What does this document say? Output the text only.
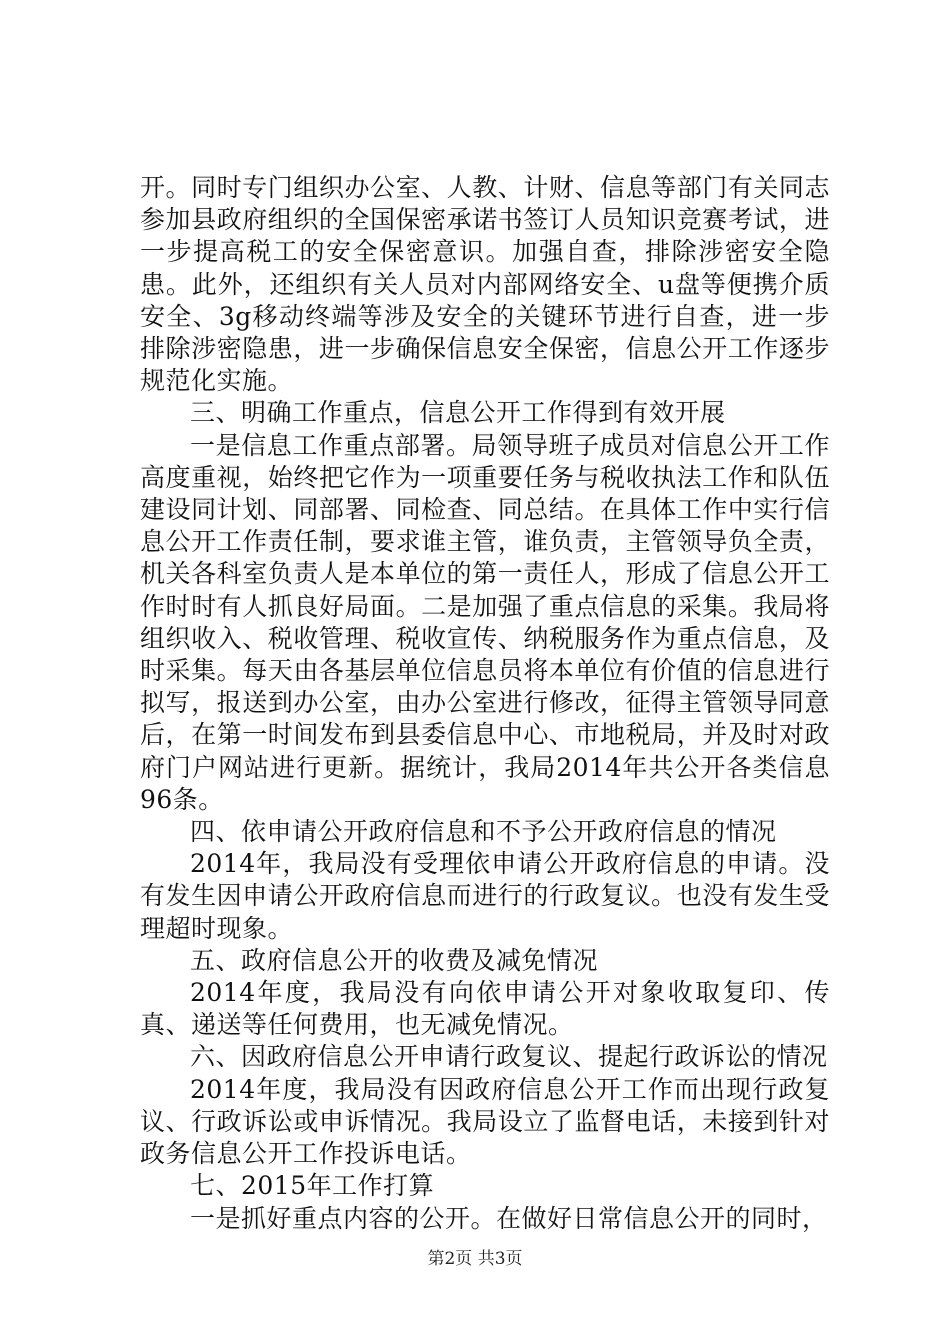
开。同时专门组织办公室、人教、计财、信息等部门有关同志参加县政府组织的全国保密承诺书签订人员知识竞赛考试，进一步提高税工的安全保密意识。加强自查，排除涉密安全隐患。此外，还组织有关人员对内部网络安全、u盘等便携介质安全、3g移动终端等涉及安全的关键环节进行自查，进一步排除涉密隐患，进一步确保信息安全保密，信息公开工作逐步规范化实施。

三、明确工作重点，信息公开工作得到有效开展

一是信息工作重点部署。局领导班子成员对信息公开工作高度重视，始终把它作为一项重要任务与税收执法工作和队伍建设同计划、同部署、同检查、同总结。在具体工作中实行信息公开工作责任制，要求谁主管，谁负责，主管领导负全责，机关各科室负责人是本单位的第一责任人，形成了信息公开工作时时有人抓良好局面。二是加强了重点信息的采集。我局将组织收入、税收管理、税收宣传、纳税服务作为重点信息，及时采集。每天由各基层单位信息员将本单位有价值的信息进行拟写，报送到办公室，由办公室进行修改，征得主管领导同意后，在第一时间发布到县委信息中心、市地税局，并及时对政府门户网站进行更新。据统计，我局2014年共公开各类信息96条。

四、依申请公开政府信息和不予公开政府信息的情况

2014年，我局没有受理依申请公开政府信息的申请。没有发生因申请公开政府信息而进行的行政复议。也没有发生受理超时现象。

五、政府信息公开的收费及减免情况

2014年度，我局没有向依申请公开对象收取复印、传真、递送等任何费用，也无减免情况。

六、因政府信息公开申请行政复议、提起行政诉讼的情况

2014年度，我局没有因政府信息公开工作而出现行政复议、行政诉讼或申诉情况。我局设立了监督电话，未接到针对政务信息公开工作投诉电话。

七、2015年工作打算

一是抓好重点内容的公开。在做好日常信息公开的同时，

第2页 共3页
